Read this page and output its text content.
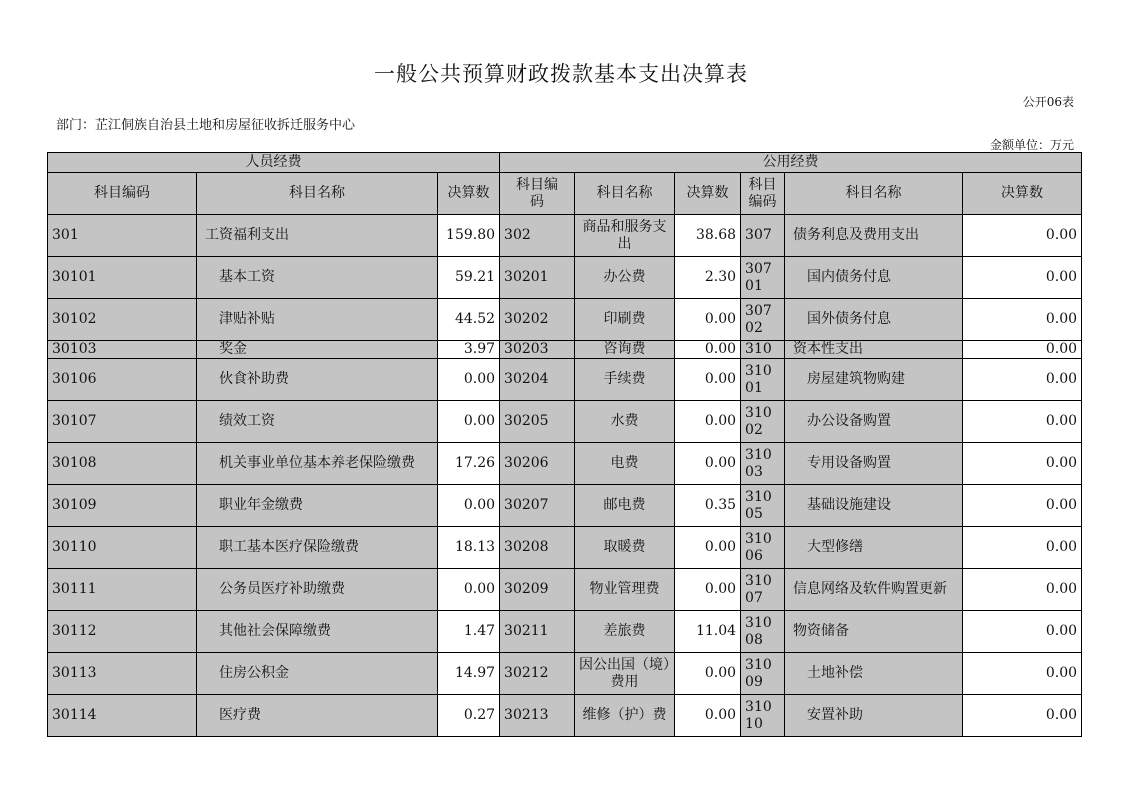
一般公共预算财政拨款基本支出决算表
公开06表
部门：芷江侗族自治县土地和房屋征收拆迁服务中心
金额单位：万元
人员经费			公用经费					
科目编码	科目名称	决算数	科目编码	科目名称	决算数	科目编码	科目名称	决算数
301	工资福利支出	159.80	302	商品和服务支出	38.68	307	债务利息及费用支出	0.00
30101	基本工资	59.21	30201	办公费	2.30	30701	国内债务付息	0.00
30102	津贴补贴	44.52	30202	印刷费	0.00	30702	国外债务付息	0.00
30103	奖金	3.97	30203	咨询费	0.00	310	资本性支出	0.00
30106	伙食补助费	0.00	30204	手续费	0.00	31001	房屋建筑物购建	0.00
30107	绩效工资	0.00	30205	水费	0.00	31002	办公设备购置	0.00
30108	机关事业单位基本养老保险缴费	17.26	30206	电费	0.00	31003	专用设备购置	0.00
30109	职业年金缴费	0.00	30207	邮电费	0.35	31005	基础设施建设	0.00
30110	职工基本医疗保险缴费	18.13	30208	取暖费	0.00	31006	大型修缮	0.00
30111	公务员医疗补助缴费	0.00	30209	物业管理费	0.00	31007	信息网络及软件购置更新	0.00
30112	其他社会保障缴费	1.47	30211	差旅费	11.04	31008	物资储备	0.00
30113	住房公积金	14.97	30212	因公出国（境）费用	0.00	31009	土地补偿	0.00
30114	医疗费	0.27	30213	维修（护）费	0.00	31010	安置补助	0.00
